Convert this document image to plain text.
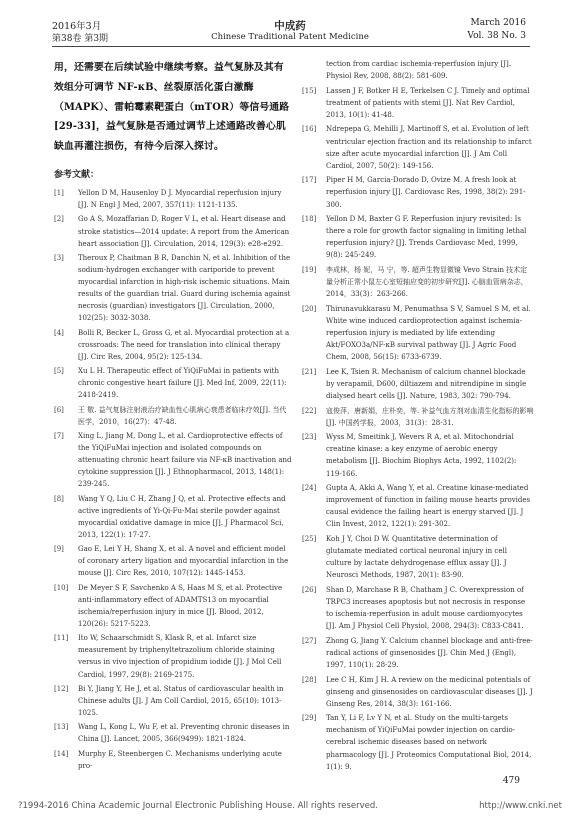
2016年3月
第38卷 第3期
中成药
Chinese Traditional Patent Medicine
March 2016
Vol. 38 No. 3
用，还需要在后续试验中继续考察。益气复脉及其有效组分可调节 NF-κB、丝裂原活化蛋白激酶（MAPK）、雷帕霉素靶蛋白（mTOR）等信号通路[29-33]，益气复脉是否通过调节上述通路改善心肌缺血再灌注损伤，有待今后深入探讨。
参考文献：
[1]	Yellon D M, Hausenloy D J. Myocardial reperfusion injury [J]. N Engl J Med, 2007, 357(11): 1121-1135.
[2]	Go A S, Mozaffarian D, Roger V L, et al. Heart disease and stroke statistics—2014 update: A report from the American heart association [J]. Circulation, 2014, 129(3): e28-e292.
[3]	Theroux P, Chaitman B R, Danchin N, et al. Inhibition of the sodium-hydrogen exchanger with cariporide to prevent myocardial infarction in high-risk ischemic situations. Main results of the guardian trial. Guard during ischemia against necrosis (guardian) investigators [J]. Circulation, 2000, 102(25): 3032-3038.
[4]	Bolli R, Becker L, Gross G, et al. Myocardial protection at a crossroads: The need for translation into clinical therapy [J]. Circ Res, 2004, 95(2): 125-134.
[5]	Xu L H. Therapeutic effect of YiQiFuMai in patients with chronic congestive heart failure [J]. Med Inf, 2009, 22(11): 2418-2419.
[6]	王 敬. 益气复脉注射液治疗缺血性心肌病心衰患者临床疗效[J]. 当代医学，2010，16(27)：47-48.
[7]	Xing L, Jiang M, Dong L, et al. Cardioprotective effects of the YiQiFuMai injection and isolated compounds on attenuating chronic heart failure via NF-κB inactivation and cytokine suppression [J]. J Ethnopharmacol, 2013, 148(1): 239-245.
[8]	Wang Y Q, Liu C H, Zhang J Q, et al. Protective effects and active ingredients of Yi-Qi-Fu-Mai sterile powder against myocardial oxidative damage in mice [J]. J Pharmacol Sci, 2013, 122(1): 17-27.
[9]	Gao E, Lei Y H, Shang X, et al. A novel and efficient model of coronary artery ligation and myocardial infarction in the mouse [J]. Circ Res, 2010, 107(12): 1445-1453.
[10]	De Meyer S F, Savchenko A S, Haas M S, et al. Protective anti-inflammatory effect of ADAMTS13 on myocardial ischemia/reperfusion injury in mice [J]. Blood, 2012, 120(26): 5217-5223.
[11]	Ito W, Schaarschmidt S, Klask R, et al. Infarct size measurement by triphenyltetrazolium chloride staining versus in vivo injection of propidium iodide [J]. J Mol Cell Cardiol, 1997, 29(8): 2169-2175.
[12]	Bi Y, Jiang Y, He J, et al. Status of cardiovascular health in Chinese adults [J]. J Am Coll Cardiol, 2015, 65(10): 1013-1025.
[13]	Wang L, Kong L, Wu F, et al. Preventing chronic diseases in China [J]. Lancet, 2005, 366(9499): 1821-1824.
[14]	Murphy E, Steenbergen C. Mechanisms underlying acute pro-
tection from cardiac ischemia-reperfusion injury [J]. Physiol Rev, 2008, 88(2): 581-609.
[15]	Lassen J F, Botker H E, Terkelsen C J. Timely and optimal treatment of patients with stemi [J]. Nat Rev Cardiol, 2013, 10(1): 41-48.
[16]	Ndrepepa G, Mehilli J, Martinoff S, et al. Evolution of left ventricular ejection fraction and its relationship to infarct size after acute myocardial infarction [J]. J Am Coll Cardiol, 2007, 50(2): 149-156.
[17]	Piper H M, Garcia-Dorado D, Ovize M. A fresh look at reperfusion injury [J]. Cardiovasc Res, 1998, 38(2): 291-300.
[18]	Yellon D M, Baxter G F. Reperfusion injury revisited: Is there a role for growth factor signaling in limiting lethal reperfusion injury? [J]. Trends Cardiovasc Med, 1999, 9(8): 245-249.
[19]	李成林，杨 妮，马 宁，等. 超声生物显微镜 Vevo Strain 技术定量分析正常小鼠左心室短轴应变的初步研究[J]. 心脑血管病杂志，2014，33(3)：263-266.
[20]	Thirunavukkarasu M, Penumathsa S V, Samuel S M, et al. White wine induced cardioprotection against ischemia-reperfusion injury is mediated by life extending Akt/FOXO3a/NF-κB survival pathway [J]. J Agric Food Chem, 2008, 56(15): 6733-6739.
[21]	Lee K, Tsien R. Mechanism of calcium channel blockade by verapamil, D600, diltiazem and nitrendipine in single dialysed heart cells [J]. Nature, 1983, 302: 790-794.
[22]	寇俊萍，唐新娟，庄朴奕，等. 补益气血方剂对血清生化指标的影响[J]. 中国药学报，2003，31(3)：28-31.
[23]	Wyss M, Smeitink J, Wevers R A, et al. Mitochondrial creatine kinase: a key enzyme of aerobic energy metabolism [J]. Biochim Biophys Acta, 1992, 1102(2): 119-166.
[24]	Gupta A, Akki A, Wang Y, et al. Creatine kinase-mediated improvement of function in failing mouse hearts provides causal evidence the failing heart is energy starved [J]. J Clin Invest, 2012, 122(1): 291-302.
[25]	Koh J Y, Choi D W. Quantitative determination of glutamate mediated cortical neuronal injury in cell culture by lactate dehydrogenase efflux assay [J]. J Neurosci Methods, 1987, 20(1): 83-90.
[26]	Shan D, Marchase R B, Chatham J C. Overexpression of TRPC3 increases apoptosis but not necrosis in response to ischemia-reperfusion in adult mouse cardiomyocytes [J]. Am J Physiol Cell Physiol, 2008, 294(3): C833-C841.
[27]	Zhong G, Jiang Y. Calcium channel blockage and anti-free-radical actions of ginsenosides [J]. Chin Med J (Engl), 1997, 110(1): 28-29.
[28]	Lee C H, Kim J H. A review on the medicinal potentials of ginseng and ginsenosides on cardiovascular diseases [J]. J Ginseng Res, 2014, 38(3): 161-166.
[29]	Tan Y, Li F, Lv Y N, et al. Study on the multi-targets mechanism of YiQiFuMai powder injection on cardio-cerebral ischemic diseases based on network pharmacology [J]. J Proteomics Computational Biol, 2014, 1(1): 9.
479
?1994-2016 China Academic Journal Electronic Publishing House. All rights reserved.	http://www.cnki.net
